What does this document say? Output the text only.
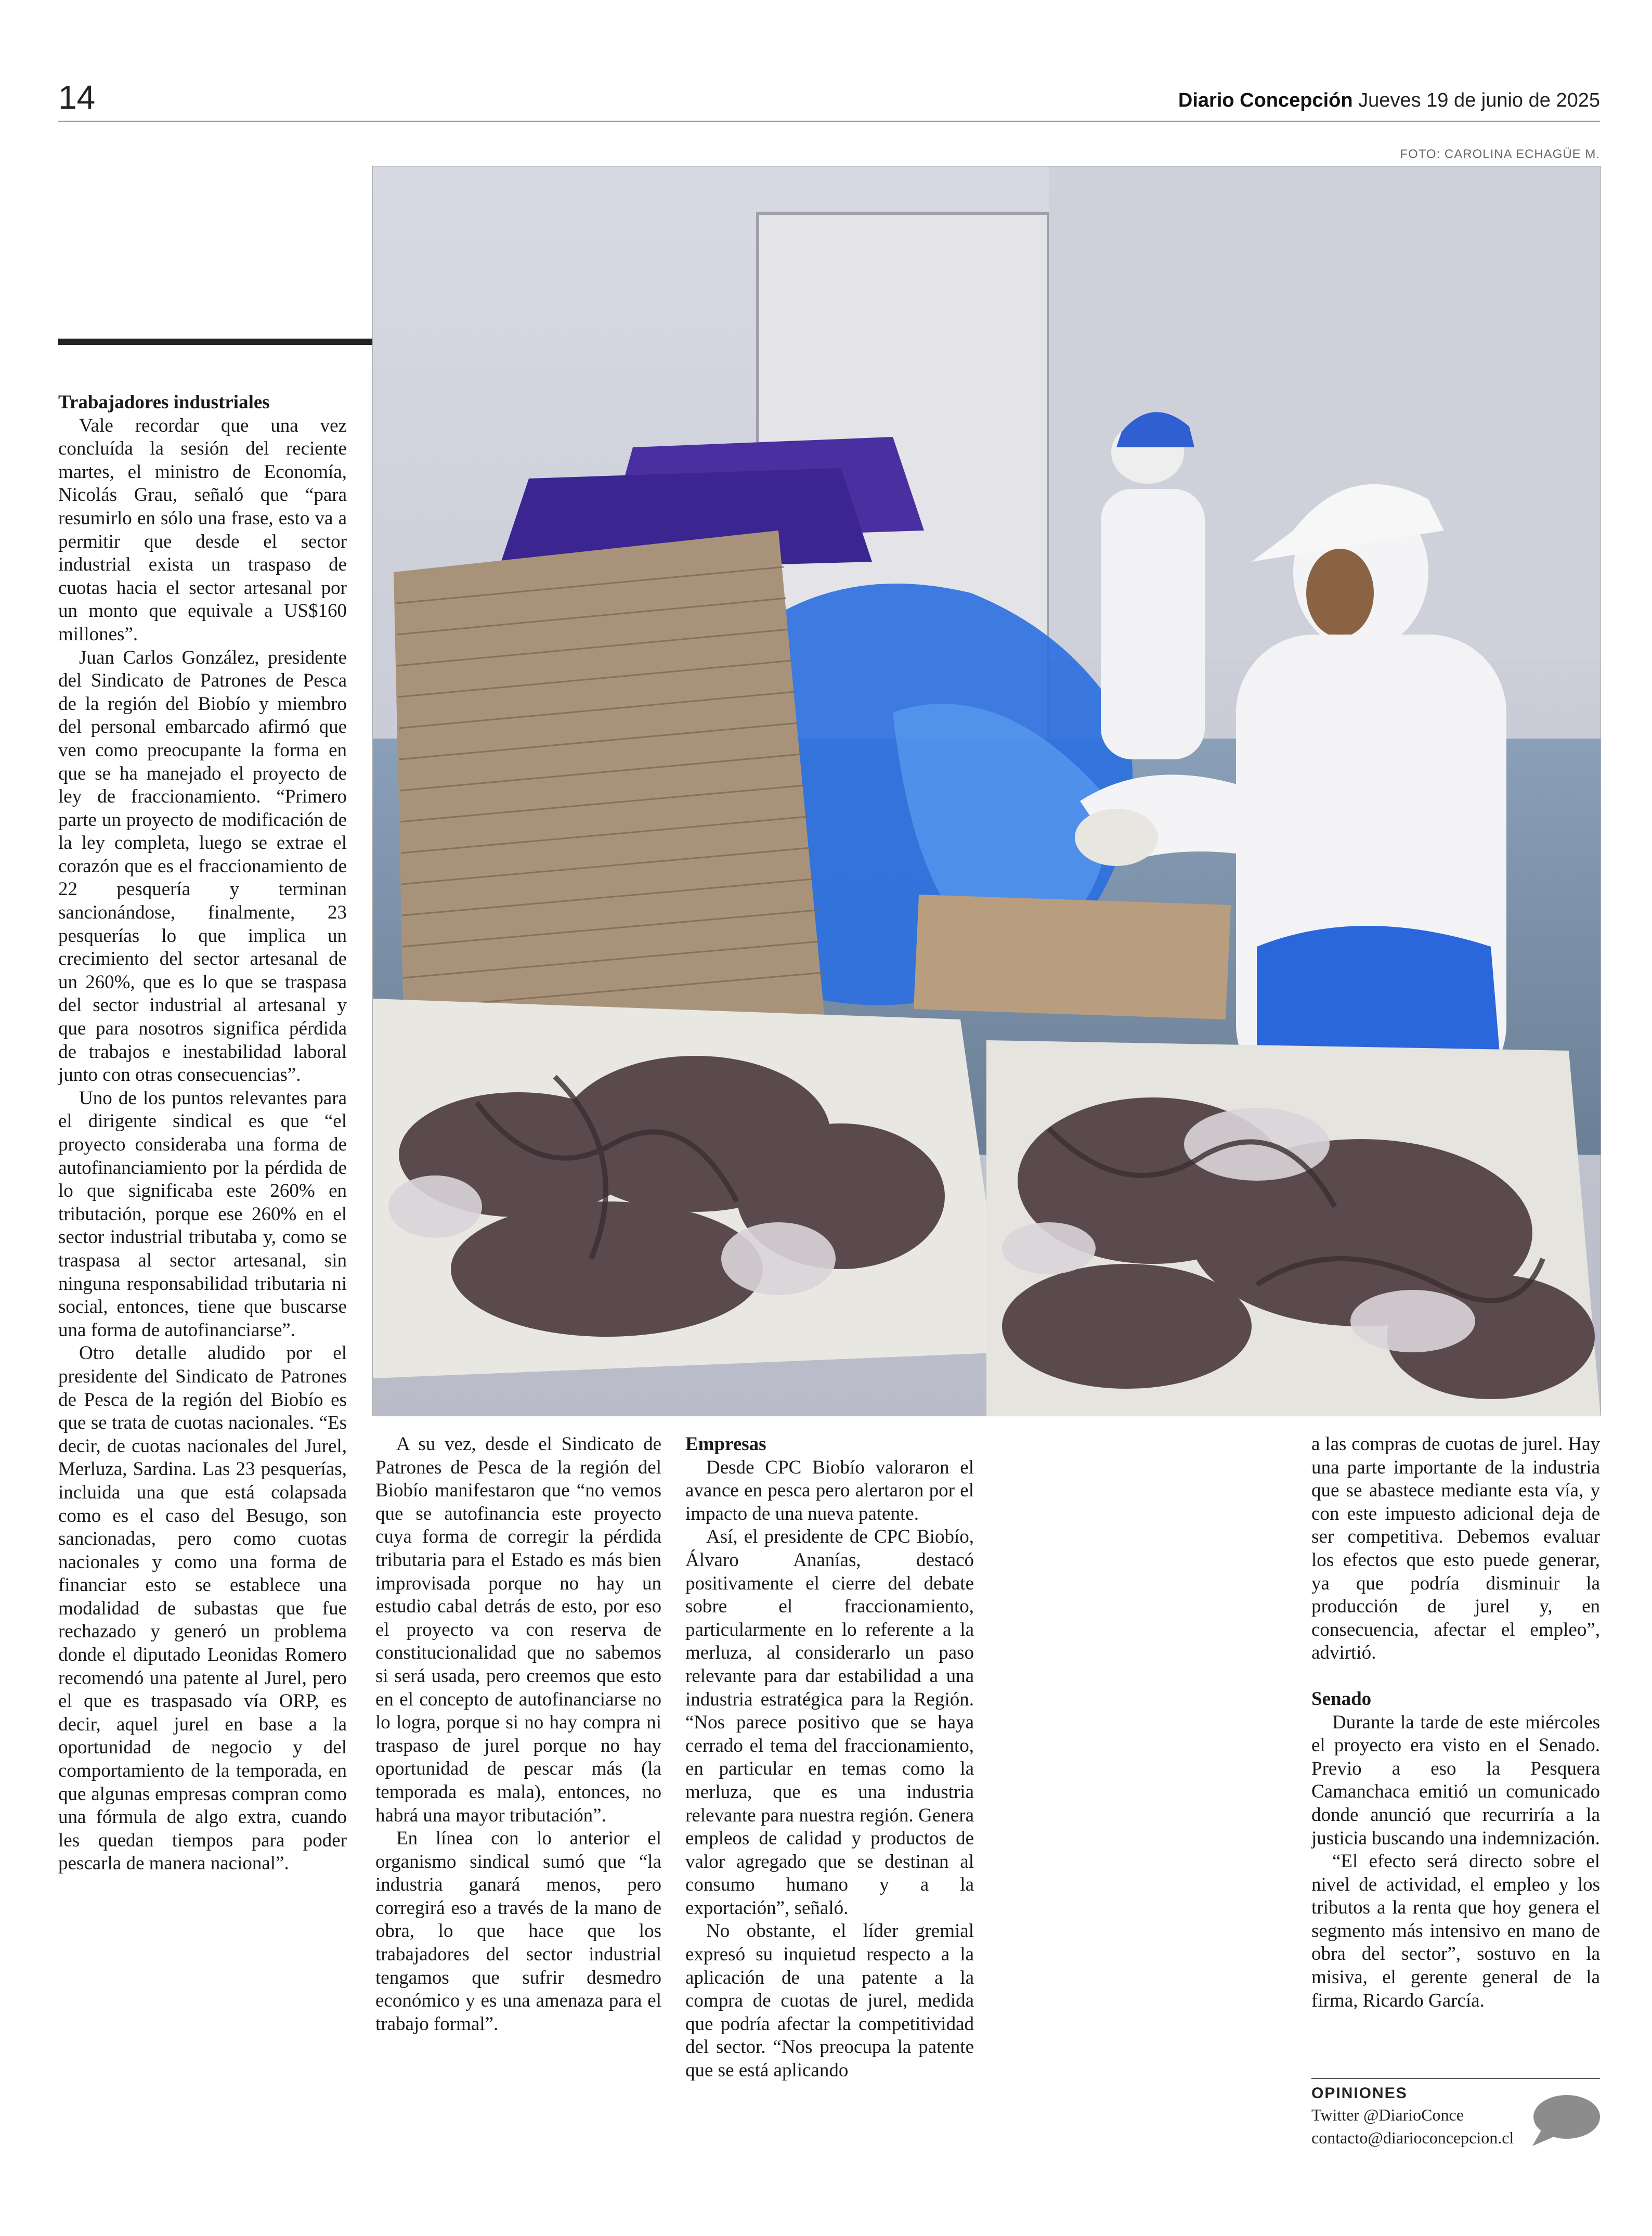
14	Diario Concepción Jueves 19 de junio de 2025
FOTO: CAROLINA ECHAGÜE M.
Trabajadores industriales

Vale recordar que una vez concluída la sesión del reciente martes, el ministro de Economía, Nicolás Grau, señaló que “para resumirlo en sólo una frase, esto va a permitir que desde el sector industrial exista un traspaso de cuotas hacia el sector artesanal por un monto que equivale a US$160 millones”.

Juan Carlos González, presidente del Sindicato de Patrones de Pesca de la región del Biobío y miembro del personal embarcado afirmó que ven como preocupante la forma en que se ha manejado el proyecto de ley de fraccionamiento. “Primero parte un proyecto de modificación de la ley completa, luego se extrae el corazón que es el fraccionamiento de 22 pesquería y terminan sancionándose, finalmente, 23 pesquerías lo que implica un crecimiento del sector artesanal de un 260%, que es lo que se traspasa del sector industrial al artesanal y que para nosotros significa pérdida de trabajos e inestabilidad laboral junto con otras consecuencias”.

Uno de los puntos relevantes para el dirigente sindical es que “el proyecto consideraba una forma de autofinanciamiento por la pérdida de lo que significaba este 260% en tributación, porque ese 260% en el sector industrial tributaba y, como se traspasa al sector artesanal, sin ninguna responsabilidad tributaria ni social, entonces, tiene que buscarse una forma de autofinanciarse”.

Otro detalle aludido por el presidente del Sindicato de Patrones de Pesca de la región del Biobío es que se trata de cuotas nacionales. “Es decir, de cuotas nacionales del Jurel, Merluza, Sardina. Las 23 pesquerías, incluida una que está colapsada como es el caso del Besugo, son sancionadas, pero como cuotas nacionales y como una forma de financiar esto se establece una modalidad de subastas que fue rechazado y generó un problema donde el diputado Leonidas Romero recomendó una patente al Jurel, pero el que es traspasado vía ORP, es decir, aquel jurel en base a la oportunidad de negocio y del comportamiento de la temporada, en que algunas empresas compran como una fórmula de algo extra, cuando les quedan tiempos para poder pescarla de manera nacional”.

A su vez, desde el Sindicato de Patrones de Pesca de la región del Biobío manifestaron que “no vemos que se autofinancia este proyecto cuya forma de corregir la pérdida tributaria para el Estado es más bien improvisada porque no hay un estudio cabal detrás de esto, por eso el proyecto va con reserva de constitucionalidad que no sabemos si será usada, pero creemos que esto en el concepto de autofinanciarse no lo logra, porque si no hay compra ni traspaso de jurel porque no hay oportunidad de pescar más (la temporada es mala), entonces, no habrá una mayor tributación”.

En línea con lo anterior el organismo sindical sumó que “la industria ganará menos, pero corregirá eso a través de la mano de obra, lo que hace que los trabajadores del sector industrial tengamos que sufrir desmedro económico y es una amenaza para el trabajo formal”.

Empresas

Desde CPC Biobío valoraron el avance en pesca pero alertaron por el impacto de una nueva patente.

Así, el presidente de CPC Biobío, Álvaro Ananías, destacó positivamente el cierre del debate sobre el fraccionamiento, particularmente en lo referente a la merluza, al considerarlo un paso relevante para dar estabilidad a una industria estratégica para la Región. “Nos parece positivo que se haya cerrado el tema del fraccionamiento, en particular en temas como la merluza, que es una industria relevante para nuestra región. Genera empleos de calidad y productos de valor agregado que se destinan al consumo humano y a la exportación”, señaló.

No obstante, el líder gremial expresó su inquietud respecto a la aplicación de una patente a la compra de cuotas de jurel, medida que podría afectar la competitividad del sector. “Nos preocupa la patente que se está aplicando

a las compras de cuotas de jurel. Hay una parte importante de la industria que se abastece mediante esta vía, y con este impuesto adicional deja de ser competitiva. Debemos evaluar los efectos que esto puede generar, ya que podría disminuir la producción de jurel y, en consecuencia, afectar el empleo”, advirtió.

Senado

Durante la tarde de este miércoles el proyecto era visto en el Senado. Previo a eso la Pesquera Camanchaca emitió un comunicado donde anunció que recurriría a la justicia buscando una indemnización.

“El efecto será directo sobre el nivel de actividad, el empleo y los tributos a la renta que hoy genera el segmento más intensivo en mano de obra del sector”, sostuvo en la misiva, el gerente general de la firma, Ricardo García.

OPINIONES
Twitter @DiarioConce
contacto@diarioconcepcion.cl
